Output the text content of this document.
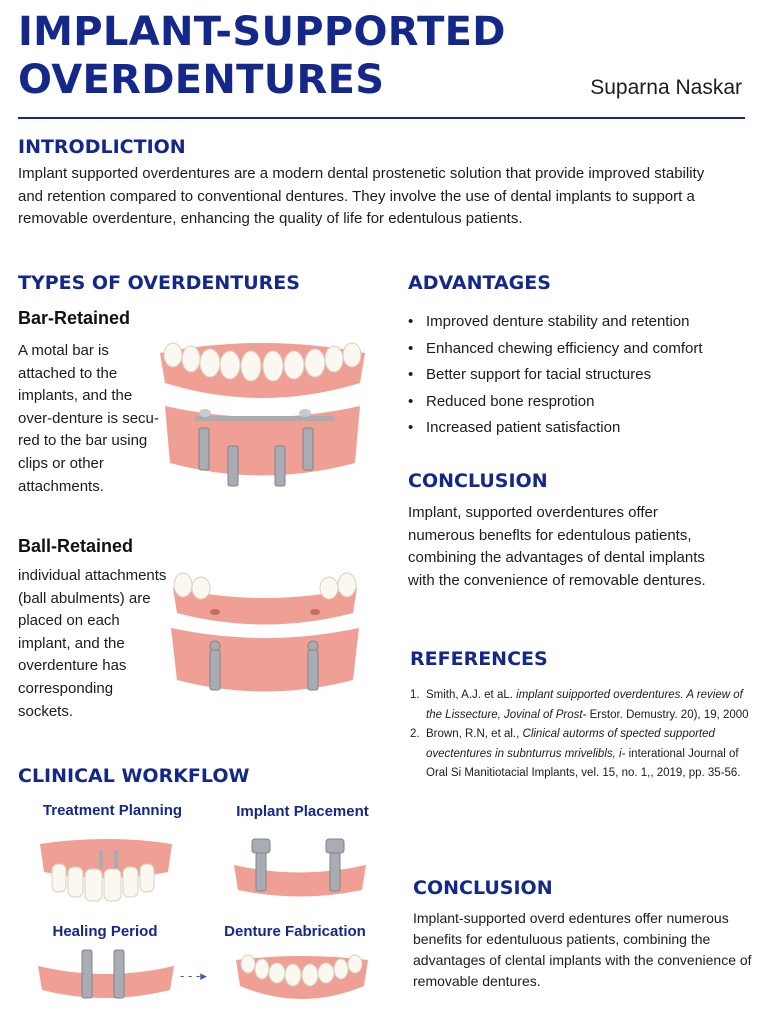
IMPLANT-SUPPORTED
OVERDENTURES	Suparna Naskar
INTRODLICTION
Implant supported overdentures are a modern dental prostenetic solution that provide improved stability and retention compared to conventional dentures. They involve the use of dental implants to support a removable overdenture, enhancing the quality of life for edentulous patients.
TYPES OF OVERDENTURES
Bar-Retained
A motal bar is attached to the implants, and the over-denture is secu-red to the bar using clips or other attachments.
Ball-Retained
individual attachments (ball abulments) are placed on each implant, and the overdenture has corresponding sockets.
ADVANTAGES
• Improved denture stability and retention
• Enhanced chewing efficiency and comfort
• Better support for tacial structures
• Reduced bone resprotion
• Increased patient satisfaction
CONCLUSION
Implant, supported overdentures offer numerous beneflts for edentulous patients, combining the advantages of dental implants with the convenience of removable dentures.
REFERENCES
1. Smith, A.J. et aL. implant suipported overdentures. A review of the Lissecture, Jovinal of Prost- Erstor. Demustry. 20), 19, 2000
2. Brown, R.N, et al., Clinical autorms of spected supported ovectentures in subnturrus mrivelibls, i- interational Journal of Oral Si Manitiotacial Implants, vel. 15, no. 1,, 2019, pp. 35-56.
CLINICAL WORKFLOW
Treatment Planning	Implant Placement
Healing Period	Denture Fabrication
- - -▸
CONCLUSION
Implant-supported overd edentures offer numerous benefits for edentuluous patients, combining the advantages of clental implants with the convenience of removable dentures.
